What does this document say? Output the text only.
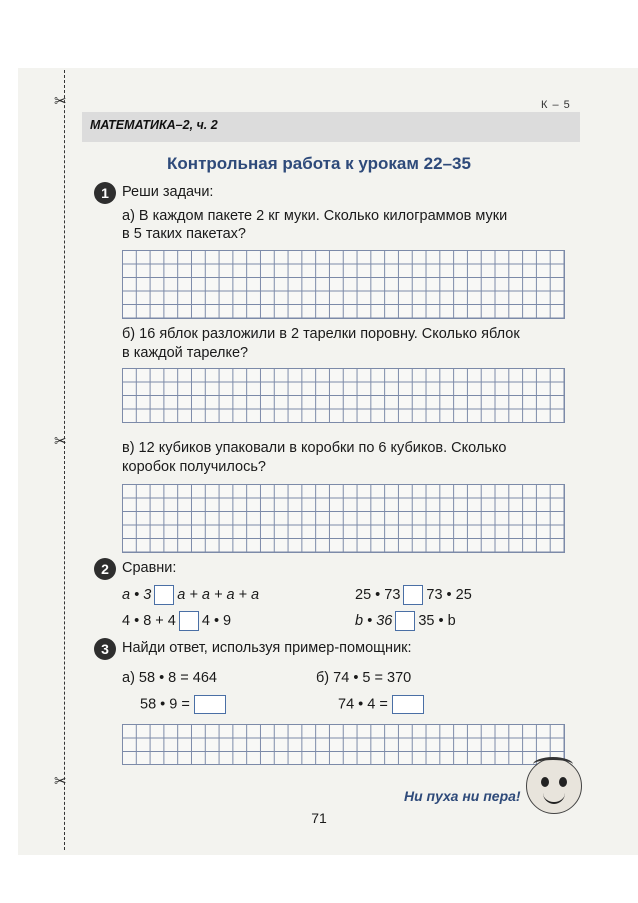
✂
✂
✂
МАТЕМАТИКА–2, ч. 2
К – 5
Контрольная работа к урокам 22–35
1 Реши задачи:
а) В каждом пакете 2 кг муки. Сколько килограммов муки
в 5 таких пакетах?
б) 16 яблок разложили в 2 тарелки поровну. Сколько яблок
в каждой тарелке?
в) 12 кубиков упаковали в коробки по 6 кубиков. Сколько
коробок получилось?
2 Сравни:
a • 3 a + a + a + a	25 • 73 73 • 25
4 • 8 + 4 4 • 9	b • 36 35 • b
3 Найди ответ, используя пример-помощник:
а) 58 • 8 = 464
58 • 9 =
б) 74 • 5 = 370
74 • 4 =
Ни пуха ни пера!
71
